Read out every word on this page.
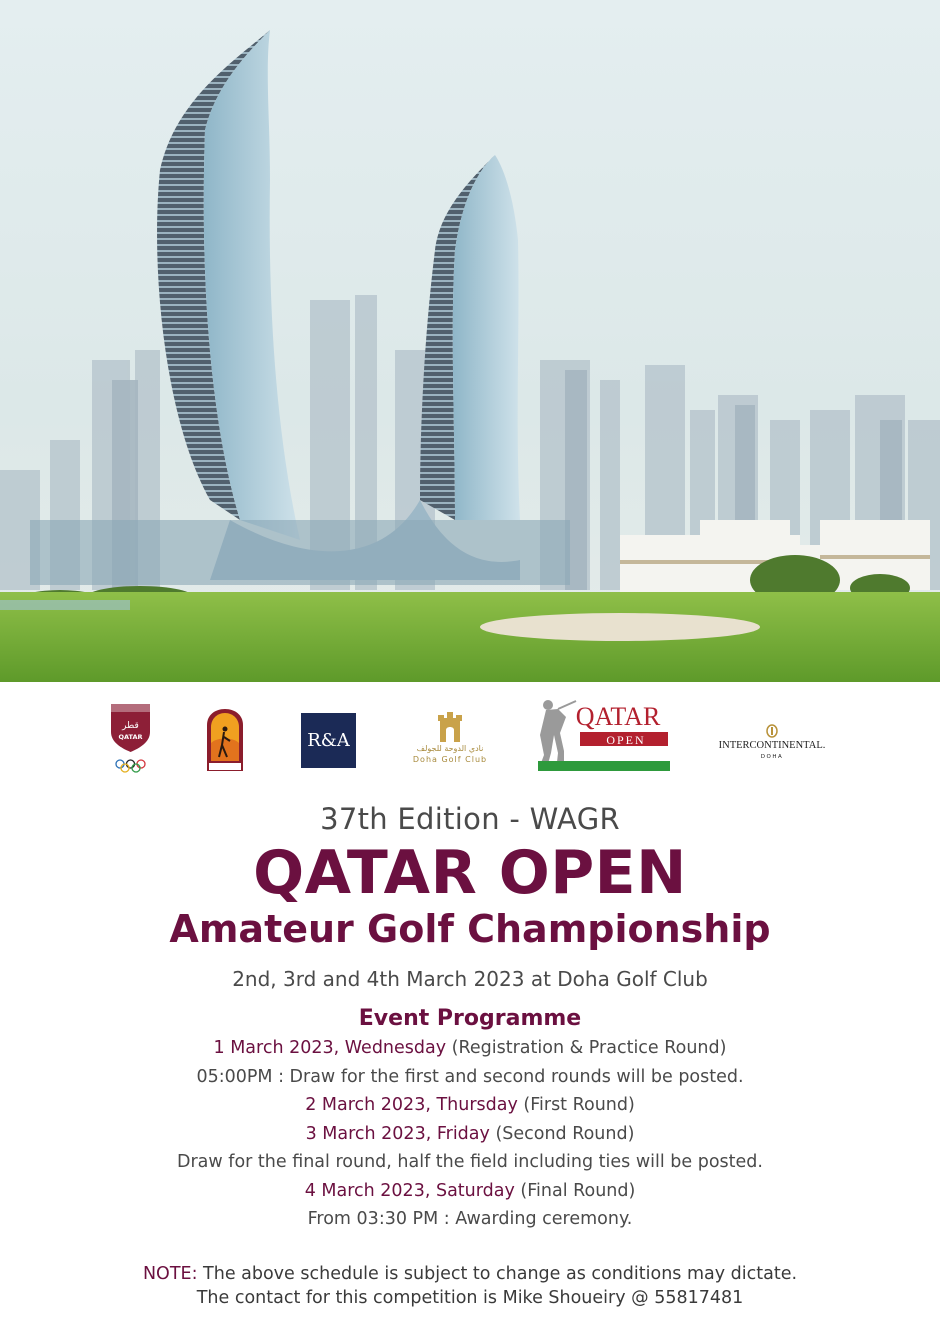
قطر
QATAR	R&A	نادي الدوحة للجولف
Doha Golf Club
QATAR
OPEN	INTERCONTINENTAL.
DOHA
37th Edition - WAGR
QATAR OPEN
Amateur Golf Championship
2nd, 3rd and 4th March 2023 at Doha Golf Club
Event Programme
1 March 2023, Wednesday (Registration & Practice Round)
05:00PM : Draw for the first and second rounds will be posted.
2 March 2023, Thursday (First Round)
3 March 2023, Friday (Second Round)
Draw for the final round, half the field including ties will be posted.
4 March 2023, Saturday (Final Round)
From 03:30 PM : Awarding ceremony.
NOTE: The above schedule is subject to change as conditions may dictate.
The contact for this competition is Mike Shoueiry @ 55817481
